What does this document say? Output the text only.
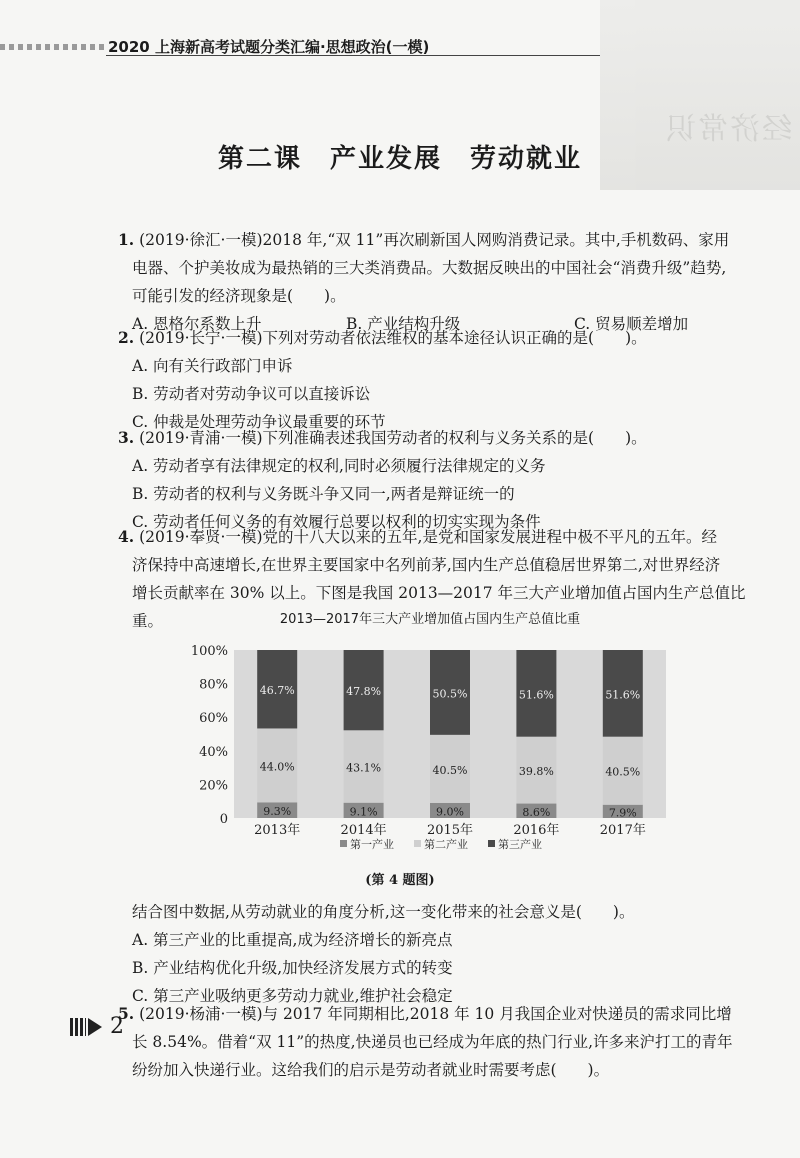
经济常识
2020 上海新高考试题分类汇编·思想政治(一模)
第二课　产业发展　劳动就业
1. (2019·徐汇·一模)2018 年,“双 11”再次刷新国人网购消费记录。其中,手机数码、家用
电器、个护美妆成为最热销的三大类消费品。大数据反映出的中国社会“消费升级”趋势,
可能引发的经济现象是(　　)。
A. 恩格尔系数上升	B. 产业结构升级	C. 贸易顺差增加
2. (2019·长宁·一模)下列对劳动者依法维权的基本途径认识正确的是(　　)。
A. 向有关行政部门申诉
B. 劳动者对劳动争议可以直接诉讼
C. 仲裁是处理劳动争议最重要的环节
3. (2019·青浦·一模)下列准确表述我国劳动者的权利与义务关系的是(　　)。
A. 劳动者享有法律规定的权利,同时必须履行法律规定的义务
B. 劳动者的权利与义务既斗争又同一,两者是辩证统一的
C. 劳动者任何义务的有效履行总要以权利的切实实现为条件
4. (2019·奉贤·一模)党的十八大以来的五年,是党和国家发展进程中极不平凡的五年。经
济保持中高速增长,在世界主要国家中名列前茅,国内生产总值稳居世界第二,对世界经济
增长贡献率在 30% 以上。下图是我国 2013—2017 年三大产业增加值占国内生产总值比重。	2013—2017年三大产业增加值占国内生产总值比重
0
20%
40%
60%
80%
100%
9.3%
44.0%
46.7%
2013年
9.1%
43.1%
47.8%
2014年
9.0%
40.5%
50.5%
2015年
8.6%
39.8%
51.6%
2016年
7.9%
40.5%
51.6%
2017年
第一产业	第二产业	第三产业
(第 4 题图)
结合图中数据,从劳动就业的角度分析,这一变化带来的社会意义是(　　)。
A. 第三产业的比重提高,成为经济增长的新亮点
B. 产业结构优化升级,加快经济发展方式的转变
C. 第三产业吸纳更多劳动力就业,维护社会稳定
5. (2019·杨浦·一模)与 2017 年同期相比,2018 年 10 月我国企业对快递员的需求同比增
长 8.54%。借着“双 11”的热度,快递员也已经成为年底的热门行业,许多来沪打工的青年
纷纷加入快递行业。这给我们的启示是劳动者就业时需要考虑(　　)。
2
